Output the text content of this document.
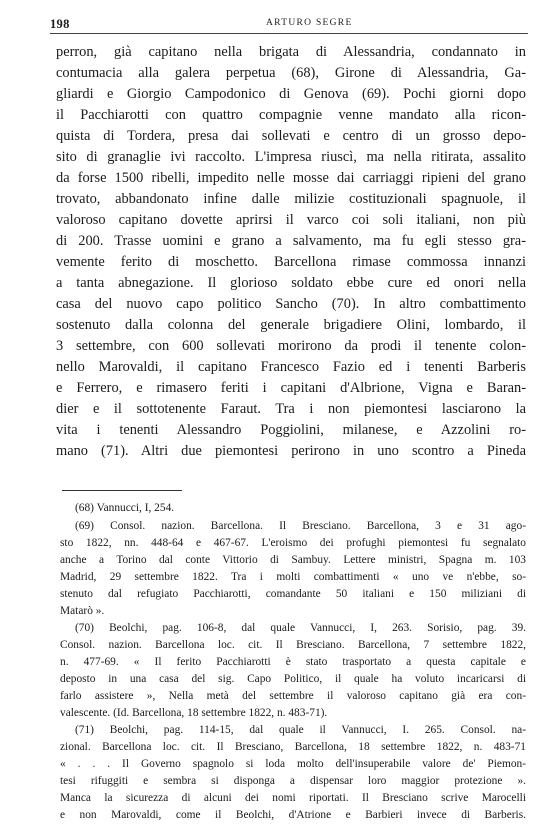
198	ARTURO SEGRE
perron, già capitano nella brigata di Alessandria, condannato in
contumacia alla galera perpetua (68), Girone di Alessandria, Ga-
gliardi e Giorgio Campodonico di Genova (69). Pochi giorni dopo
il Pacchiarotti con quattro compagnie venne mandato alla ricon-
quista di Tordera, presa dai sollevati e centro di un grosso depo-
sito di granaglie ivi raccolto. L'impresa riuscì, ma nella ritirata, assalito
da forse 1500 ribelli, impedito nelle mosse dai carriaggi ripieni del grano
trovato, abbandonato infine dalle milizie costituzionali spagnuole, il
valoroso capitano dovette aprirsi il varco coi soli italiani, non più
di 200. Trasse uomini e grano a salvamento, ma fu egli stesso gra-
vemente ferito di moschetto. Barcellona rimase commossa innanzi
a tanta abnegazione. Il glorioso soldato ebbe cure ed onori nella
casa del nuovo capo politico Sancho (70). In altro combattimento
sostenuto dalla colonna del generale brigadiere Olini, lombardo, il
3 settembre, con 600 sollevati morirono da prodi il tenente colon-
nello Marovaldi, il capitano Francesco Fazio ed i tenenti Barberis
e Ferrero, e rimasero feriti i capitani d'Albrione, Vigna e Baran-
dier e il sottotenente Faraut. Tra i non piemontesi lasciarono la
vita i tenenti Alessandro Poggiolini, milanese, e Azzolini ro-
mano (71). Altri due piemontesi perirono in uno scontro a Pineda
(68) Vannucci, I, 254.
(69) Consol. nazion. Barcellona. Il Bresciano. Barcellona, 3 e 31 ago-
sto 1822, nn. 448-64 e 467-67. L'eroismo dei profughi piemontesi fu segnalato
anche a Torino dal conte Vittorio di Sambuy. Lettere ministri, Spagna m. 103
Madrid, 29 settembre 1822. Tra i molti combattimenti « uno ve n'ebbe, so-
stenuto dal refugiato Pacchiarotti, comandante 50 italiani e 150 miliziani di
Matarò ».
(70) Beolchi, pag. 106-8, dal quale Vannucci, I, 263. Sorisio, pag. 39.
Consol. nazion. Barcellona loc. cit. Il Bresciano. Barcellona, 7 settembre 1822,
n. 477-69. « Il ferito Pacchiarotti è stato trasportato a questa capitale e
deposto in una casa del sig. Capo Politico, il quale ha voluto incaricarsi di
farlo assistere », Nella metà del settembre il valoroso capitano già era con-
valescente. (Id. Barcellona, 18 settembre 1822, n. 483-71).
(71) Beolchi, pag. 114-15, dal quale il Vannucci, I. 265. Consol. na-
zional. Barcellona loc. cit. Il Bresciano, Barcellona, 18 settembre 1822, n. 483-71
« . . . Il Governo spagnolo si loda molto dell'insuperabile valore de' Piemon-
tesi rifuggiti e sembra si disponga a dispensar loro maggior protezione ».
Manca la sicurezza di alcuni dei nomi riportati. Il Bresciano scrive Marocelli
e non Marovaldi, come il Beolchi, d'Atrione e Barbieri invece di Barberis.
